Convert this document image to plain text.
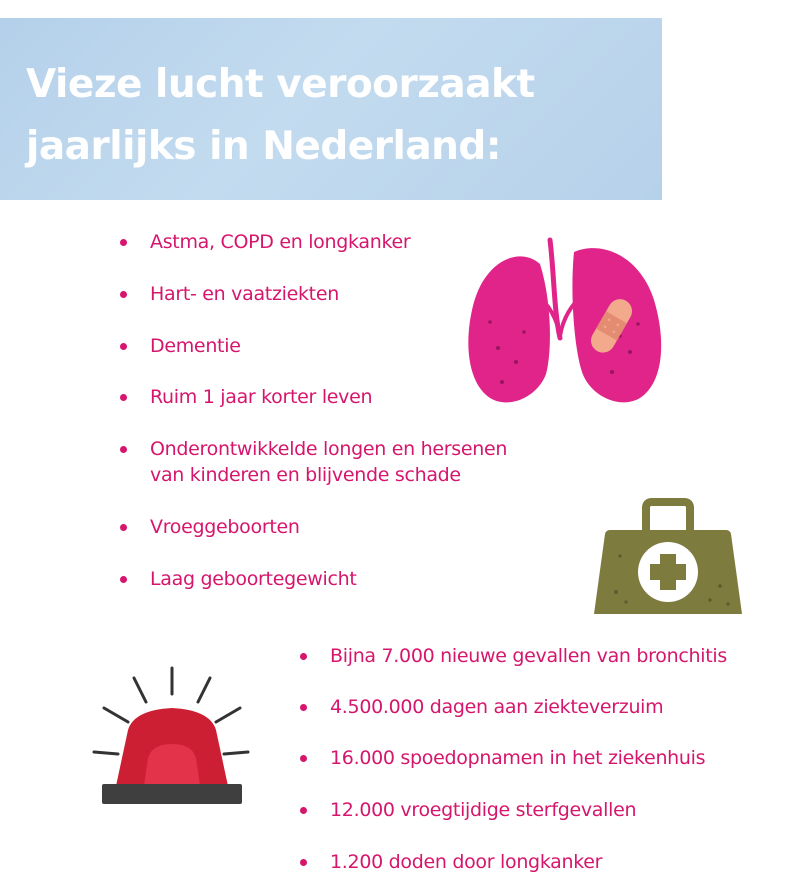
Vieze lucht veroorzaakt
jaarlijks in Nederland:
Astma, COPD en longkanker
Hart- en vaatziekten
Dementie
Ruim 1 jaar korter leven
Onderontwikkelde longen en hersenen
van kinderen en blijvende schade
Vroeggeboorten
Laag geboortegewicht
Bijna 7.000 nieuwe gevallen van bronchitis
4.500.000 dagen aan ziekteverzuim
16.000 spoedopnamen in het ziekenhuis
12.000 vroegtijdige sterfgevallen
1.200 doden door longkanker
